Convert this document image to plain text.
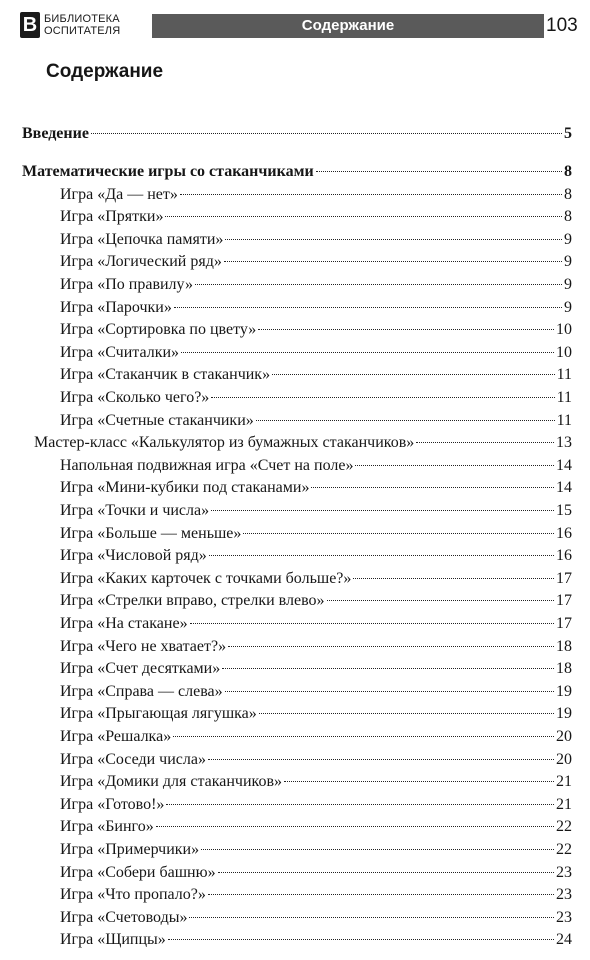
В БИБЛИОТЕКА
ОСПИТАТЕЛЯ	Содержание	103
Содержание
Введение	5
Математические игры со стаканчиками	8
Игра «Да — нет»	8
Игра «Прятки»	8
Игра «Цепочка памяти»	9
Игра «Логический ряд»	9
Игра «По правилу»	9
Игра «Парочки»	9
Игра «Сортировка по цвету»	10
Игра «Считалки»	10
Игра «Стаканчик в стаканчик»	11
Игра «Сколько чего?»	11
Игра «Счетные стаканчики»	11
Мастер-класс «Калькулятор из бумажных стаканчиков»	13
Напольная подвижная игра «Счет на поле»	14
Игра «Мини-кубики под стаканами»	14
Игра «Точки и числа»	15
Игра «Больше — меньше»	16
Игра «Числовой ряд»	16
Игра «Каких карточек с точками больше?»	17
Игра «Стрелки вправо, стрелки влево»	17
Игра «На стакане»	17
Игра «Чего не хватает?»	18
Игра «Счет десятками»	18
Игра «Справа — слева»	19
Игра «Прыгающая лягушка»	19
Игра «Решалка»	20
Игра «Соседи числа»	20
Игра «Домики для стаканчиков»	21
Игра «Готово!»	21
Игра «Бинго»	22
Игра «Примерчики»	22
Игра «Собери башню»	23
Игра «Что пропало?»	23
Игра «Счетоводы»	23
Игра «Щипцы»	24
